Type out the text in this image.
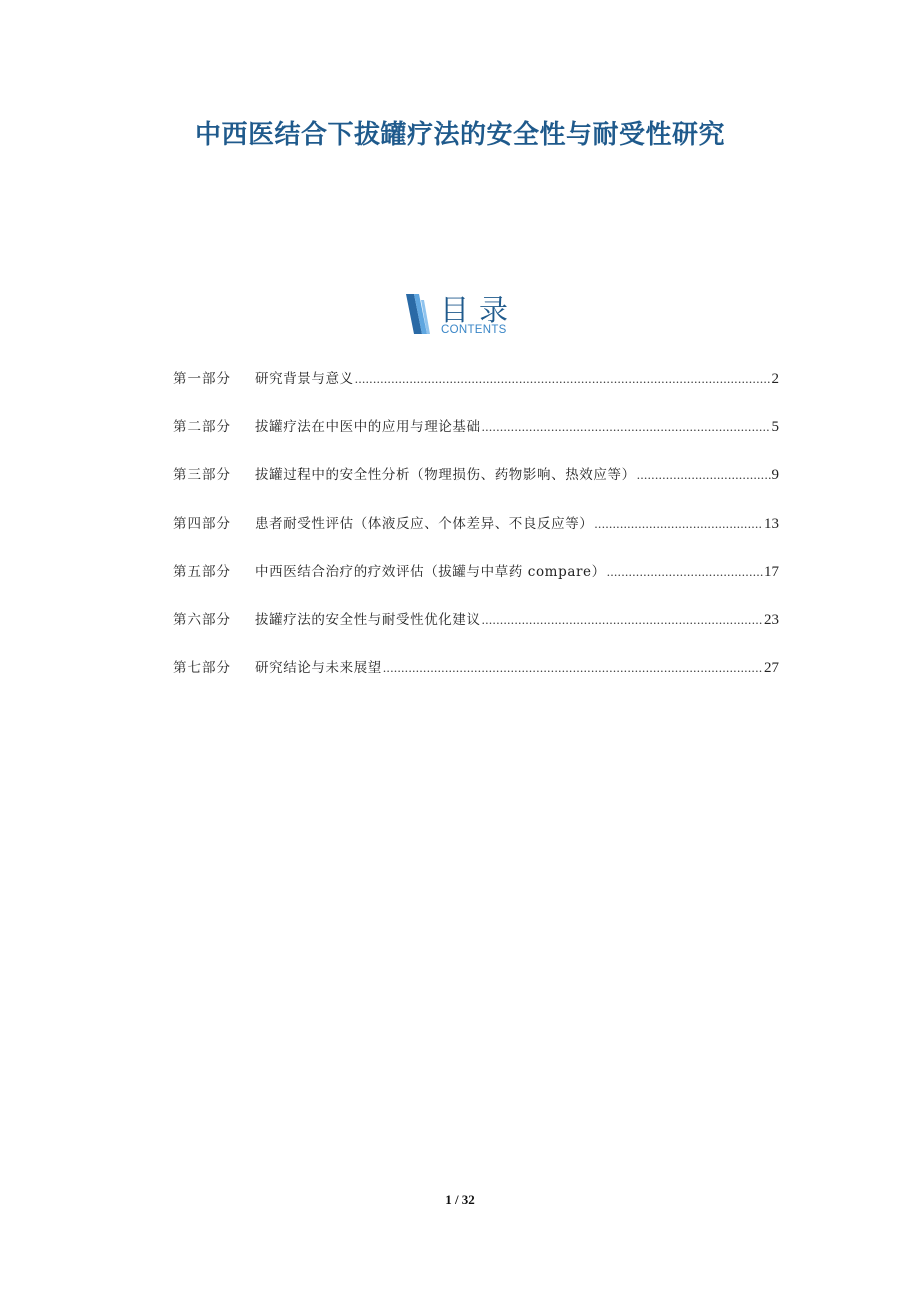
中西医结合下拔罐疗法的安全性与耐受性研究
目录
CONTENTS
第一部分	研究背景与意义 .....	2
第二部分	拔罐疗法在中医中的应用与理论基础 .....	5
第三部分	拔罐过程中的安全性分析（物理损伤、药物影响、热效应等） .....	9
第四部分	患者耐受性评估（体液反应、个体差异、不良反应等） .....	13
第五部分	中西医结合治疗的疗效评估（拔罐与中草药 compare） .....	17
第六部分	拔罐疗法的安全性与耐受性优化建议 .....	23
第七部分	研究结论与未来展望 .....	27
1 / 32
